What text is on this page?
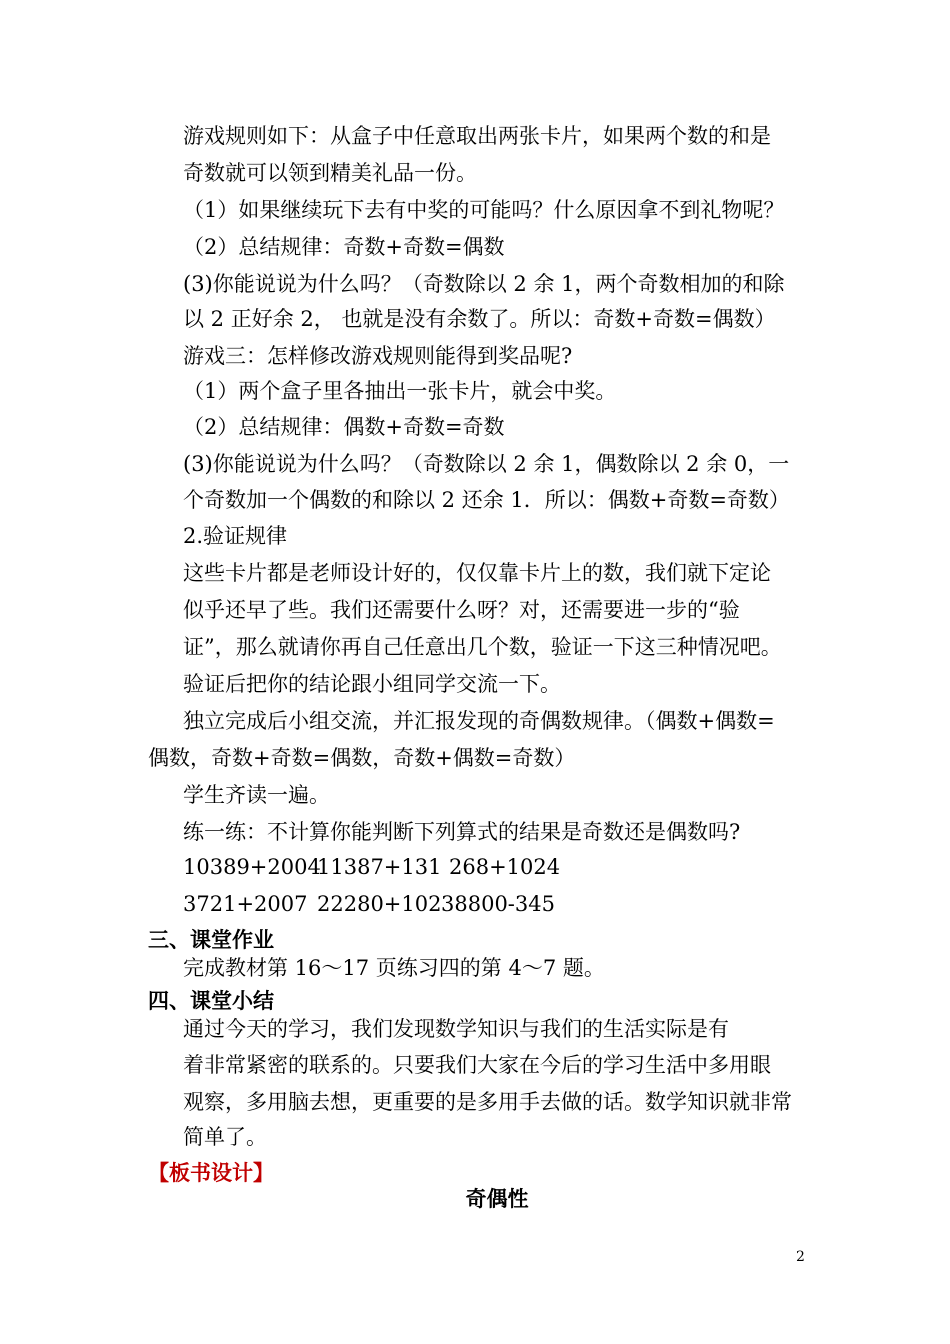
游戏规则如下：从盒子中任意取出两张卡片，如果两个数的和是

奇数就可以领到精美礼品一份。

（1）如果继续玩下去有中奖的可能吗？什么原因拿不到礼物呢？

（2）总结规律：奇数+奇数=偶数

(3)你能说说为什么吗？（奇数除以 2 余 1，两个奇数相加的和除

以 2 正好余 2， 也就是没有余数了。所以：奇数+奇数=偶数）

游戏三：怎样修改游戏规则能得到奖品呢?

（1）两个盒子里各抽出一张卡片，就会中奖。

（2）总结规律：偶数+奇数=奇数

(3)你能说说为什么吗？（奇数除以 2 余 1，偶数除以 2 余 0，一

个奇数加一个偶数的和除以 2 还余 1．所以：偶数+奇数=奇数）

2.验证规律

这些卡片都是老师设计好的，仅仅靠卡片上的数，我们就下定论

似乎还早了些。我们还需要什么呀？对，还需要进一步的“验

证”，那么就请你再自己任意出几个数，验证一下这三种情况吧。

验证后把你的结论跟小组同学交流一下。

独立完成后小组交流，并汇报发现的奇偶数规律。（偶数+偶数=

偶数，奇数+奇数=偶数，奇数+偶数=奇数）

学生齐读一遍。

练一练：不计算你能判断下列算式的结果是奇数还是偶数吗?

10389+200411387+131 268+1024

3721+2007 22280+10238800-345

三、课堂作业

完成教材第 16～17 页练习四的第 4～7 题。

四、课堂小结

通过今天的学习，我们发现数学知识与我们的生活实际是有

着非常紧密的联系的。只要我们大家在今后的学习生活中多用眼

观察，多用脑去想，更重要的是多用手去做的话。数学知识就非常

简单了。

【板书设计】

奇偶性

2
